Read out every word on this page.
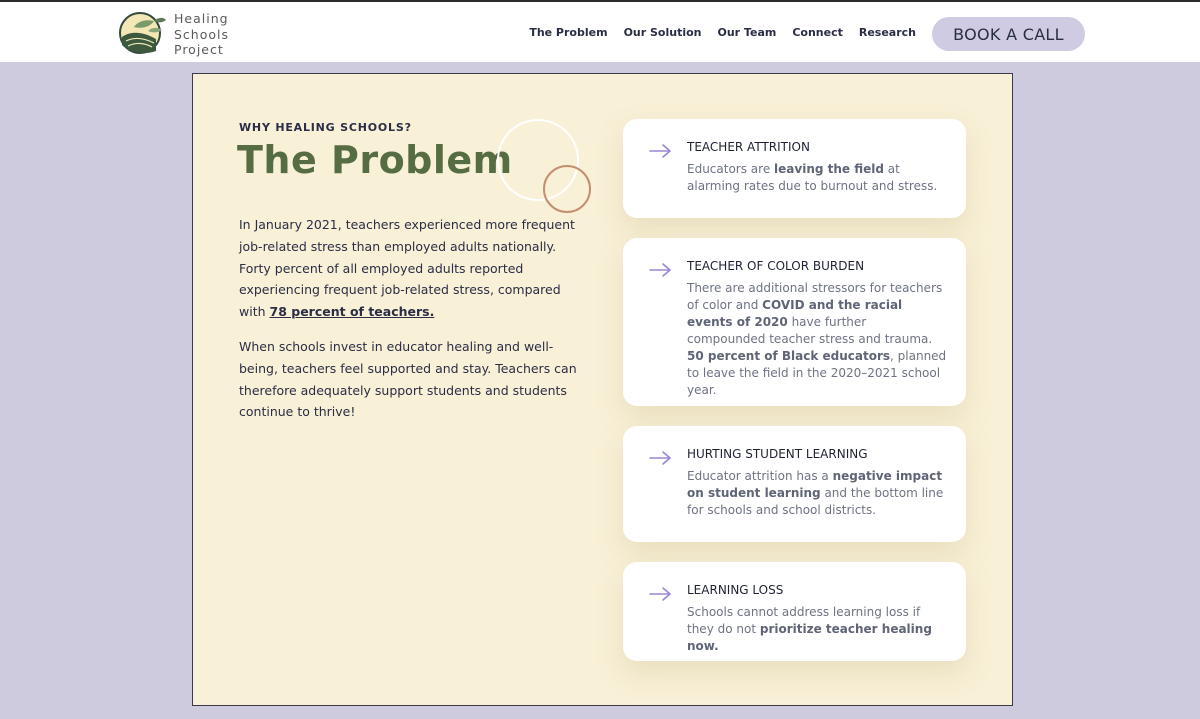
Healing
Schools
Project
The Problem Our Solution Our Team Connect Research	BOOK A CALL
WHY HEALING SCHOOLS?
The Problem

In January 2021, teachers experienced more frequent job-related stress than employed adults nationally. Forty percent of all employed adults reported experiencing frequent job-related stress, compared with 78 percent of teachers.

When schools invest in educator healing and well-being, teachers feel supported and stay. Teachers can therefore adequately support students and students continue to thrive!

TEACHER ATTRITION
Educators are leaving the field at alarming rates due to burnout and stress.
TEACHER OF COLOR BURDEN
There are additional stressors for teachers of color and COVID and the racial events of 2020 have further compounded teacher stress and trauma. 50 percent of Black educators, planned to leave the field in the 2020–2021 school year.
HURTING STUDENT LEARNING
Educator attrition has a negative impact on student learning and the bottom line for schools and school districts.
LEARNING LOSS
Schools cannot address learning loss if they do not prioritize teacher healing now.
